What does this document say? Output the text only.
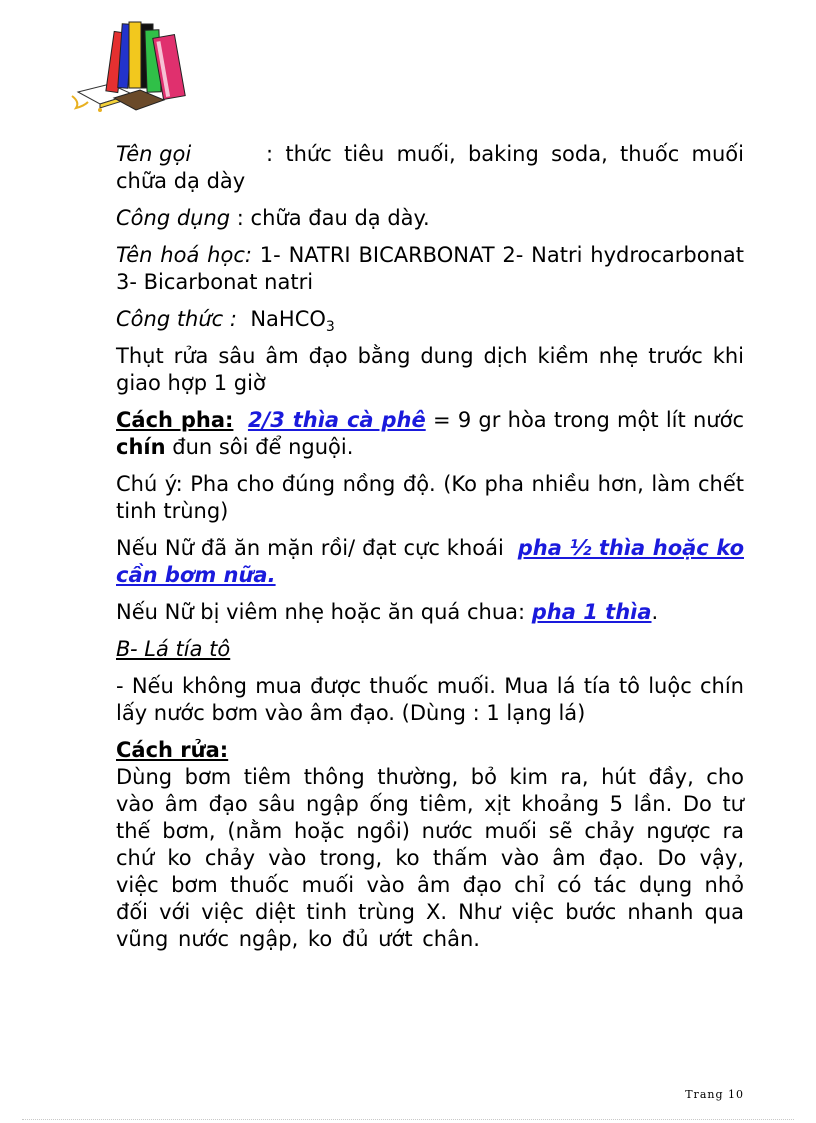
Tên gọi	: thức tiêu muối, baking soda, thuốc muối chữa dạ dày

Công dụng : chữa đau dạ dày.

Tên hoá học: 1- NATRI BICARBONAT 2- Natri hydrocarbonat 3- Bicarbonat natri

Công thức : NaHCO$_3$

Thụt rửa sâu âm đạo bằng dung dịch kiềm nhẹ trước khi giao hợp 1 giờ

Cách pha: 2/3 thìa cà phê = 9 gr hòa trong một lít nước chín đun sôi để nguội.

Chú ý: Pha cho đúng nồng độ. (Ko pha nhiều hơn, làm chết tinh trùng)

Nếu Nữ đã ăn mặn rồi/ đạt cực khoái pha ½ thìa hoặc ko cần bơm nữa.

Nếu Nữ bị viêm nhẹ hoặc ăn quá chua: pha 1 thìa.

B- Lá tía tô

- Nếu không mua được thuốc muối. Mua lá tía tô luộc chín lấy nước bơm vào âm đạo. (Dùng : 1 lạng lá)

Cách rửa:

Dùng bơm tiêm thông thường, bỏ kim ra, hút đầy, cho vào âm đạo sâu ngập ống tiêm, xịt khoảng 5 lần. Do tư thế bơm, (nằm hoặc ngồi) nước muối sẽ chảy ngược ra chứ ko chảy vào trong, ko thấm vào âm đạo. Do vậy, việc bơm thuốc muối vào âm đạo chỉ có tác dụng nhỏ đối với việc diệt tinh trùng X. Như việc bước nhanh qua vũng nước ngập, ko đủ ướt chân.

Trang 10
